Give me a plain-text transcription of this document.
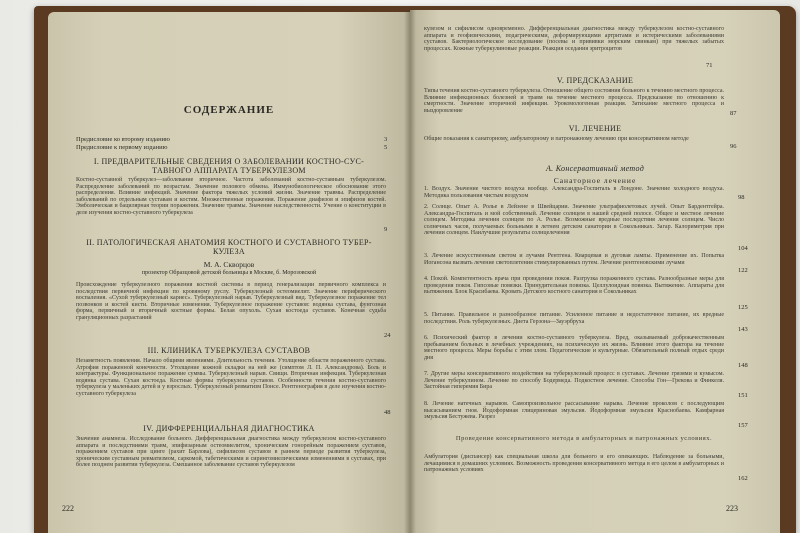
СОДЕРЖАНИЕ
Предисловие ко второму изданию	3
Предисловие к первому изданию	5
I. ПРЕДВАРИТЕЛЬНЫЕ СВЕДЕНИЯ О ЗАБОЛЕВАНИИ КОСТНО-СУС-
ТАВНОГО АППАРАТА ТУБЕРКУЛЕЗОМ
Костно-суставной туберкулез—заболевание вторичное. Частота заболеваний костно-суставным туберкулезом. Распределение заболеваний по возрастам. Значение полового обмена. Иммунобиологическое обоснование этого распределения. Влияние инфекций. Значение фактора тяжелых условий жизни. Значение травмы. Распределение заболеваний по отдельным суставам и костям. Множественные поражения. Поражение диафизов и эпифизов костей. Эмболическая и бацилярная теории поражения. Значение травмы. Значение наследственности. Учение о конституции в деле изучения костно-суставного туберкулеза
9
II. ПАТОЛОГИЧЕСКАЯ АНАТОМИЯ КОСТНОГО И СУСТАВНОГО ТУБЕР-
КУЛЕЗА
М. А. Скворцов
прозектор Образцовой детской больницы в Москве, б. Морозовской
Происхождение туберкулезного поражения костной системы в период генерализации первичного комплекса и последствия первичной инфекции по кровяному руслу. Туберкулезный остеомиелит. Значение периферического воспаления. «Сухой туберкулезный кариес». Туберкулезный нарыв. Туберкулезный вид. Туберкулезное поражение тел позвонков и костей кисти. Вторичные изменения. Туберкулезное поражение суставов: водянка сустава, фунгозная форма, первичный и вторичный костные формы. Белая опухоль. Сухая костоеда суставов. Конечная судьба грануляционных разрастаний
24
III. КЛИНИКА ТУБЕРКУЛЕЗА СУСТАВОВ
Незаметность появления. Начало общими явлениями. Длительность течения. Утолщение области пораженного сустава. Атрофия пораженной конечности. Утолщение кожной складки на ней же (симптом Л. П. Александрова). Боль и контрактуры. Функциональное поражение суммы. Туберкулезный нарыв. Свищи. Вторичная инфекция. Туберкулезная водянка сустава. Сухая костоеда. Костные формы туберкулеза суставов. Особенности течения костно-суставного туберкулеза у маленьких детей и у взрослых. Туберкулезный ревматизм Понсе. Рентгенография в деле изучения костно-суставного туберкулеза
48
IV. ДИФФЕРЕНЦИАЛЬНАЯ ДИАГНОСТИКА
Значение анамнеза. Исследование больного. Дифференциальная диагностика между туберкулезом костно-суставного аппарата и последствиями травм, эпифизарным остеомиелитом, хроническим гонорейным поражением суставов, поражением суставов при цинге (рахит Барлова), сифилисом суставов в раннем периоде развития туберкулеза, хроническим суставным ревматизмом, саркомой, табетическими и сирингомиелическими изменениями в суставах, при более позднем развитии туберкулеза. Смешанное заболевание суставов туберкулезом
222
кулезом и сифилисом одновременно. Дифференциальная диагностика между туберкулезом костно-суставного аппарата и геофизическими, подагрическими, деформирующими артритами и истерическими заболеваниями суставов. Бактериологическое исследование (посевы и прививки морским свинкам) при тяжелых забытых процессах. Кожные туберкулиновые реакции. Реакция оседания эритроцитов
71
V. ПРЕДСКАЗАНИЕ
Типы течения костно-суставного туберкулеза. Отношение общего состояния больного к течению местного процесса. Влияние инфекционных болезней и травм на течение местного процесса. Предсказание по отношению к смертности. Значение вторичной инфекции. Урокомологенная реакция. Затихание местного процесса и выздоровление	87
VI. ЛЕЧЕНИЕ
Общие показания к санаторному, амбулаторному и патронажному лечению при консервативном методе
96
А. Консервативный метод
Санаторное лечение
1. Воздух. Значение чистого воздуха вообще. Александра-Госпиталь в Лондоне. Значение холодного воздуха. Методика пользования чистым воздухом	98
2. Солнце. Опыт А. Ролье в Лейзене в Швейцарии. Значение ультрафиолетовых лучей. Опыт Бардентгейра. Александра-Госпиталь и мой собственный. Лечение солнцем в нашей средней полосе. Общее и местное лечение солнцем. Методика лечения солнцем по А. Ролье. Возможные вредные последствия лечения солнцем. Число солнечных часов, получаемых больными в летнем детском санатории в Сокольниках. Загар. Калориметрия при лечении солнцем. Наилучшие результаты солнцелечения
104
3. Лечение искусственным светом и лучами Рентгена. Кварцевая и дуговая лампы. Применение их. Попытка Иогансона вызвать лечение светоплетения стимулированных путем. Лечение рентгеновскими лучами
122
4. Покой. Компетентность врача при проведении покоя. Разгрузка пораженного сустава. Разнообразные меры для проведения покоя. Гипсовые повязки. Принудительная повязка. Целлулоидная повязка. Вытяжение. Аппараты для вытяжения. Блок Красибаева. Кровать Детского костного санатория в Сокольниках
125
5. Питание. Правильное и разнообразное питание. Усиленное питание и недостаточное питание, их вредные последствия. Роль туберкулезных. Диета Герзона—Зауэрбруха
143
6. Психический фактор в лечении костно-суставного туберкулеза. Вред, оказываемый доброкачественным пребыванием больных в лечебных учреждениях, на психическую их жизнь. Влияние этого фактора на течение местного процесса. Меры борьбы с этим злом. Педагогические и культурные. Обязательный полный отдых среди дня
148
7. Другие меры консервативного воздействия на туберкулезный процесс в суставах. Лечение грязями и кумысом. Лечение туберкулином. Лечение по способу Бодермеда. Подкостное лечение. Способы Гон—Грекова и Финкеля. Застойная гиперемия Бира
151
8. Лечение натечных нарывов. Самопроизвольное рассасывание нарыва. Лечение проколом с последующим высасыванием гноя. Йодоформная глицериновая эмульсия. Йодоформная эмульсия Краснобаева. Камфарная эмульсия Бестужева. Разрез
157
Проведение консервативного метода в амбулаторных и патронажных условиях.
Амбулатория (диспансер) как специальная школа для больного и его опекающих. Наблюдение за больными, лечащимися в домашних условиях. Возможность проведения консервативного метода в его целом в амбулаторных и патронажных условиях
162
223
